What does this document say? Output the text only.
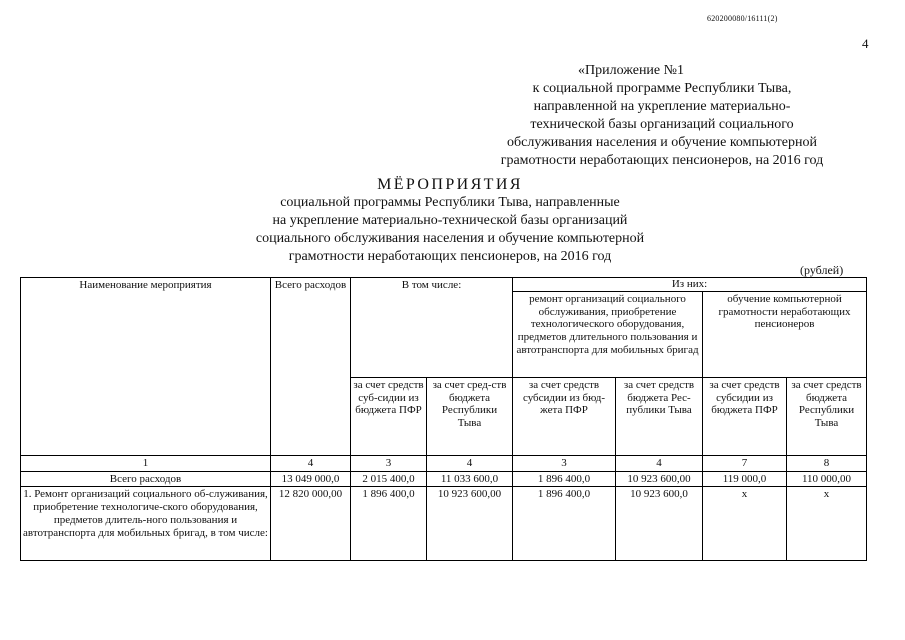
620200080/16111(2)
4
«Приложение №1
к социальной программе Республики Тыва,
направленной на укрепление материально-
технической базы организаций социального
обслуживания населения и обучение компьютерной
грамотности неработающих пенсионеров, на 2016 год
МЁРОПРИЯТИЯ
социальной программы Республики Тыва, направленные
на укрепление материально-технической базы организаций
социального обслуживания населения и обучение компьютерной
грамотности неработающих пенсионеров, на 2016 год
(рублей)
Наименование мероприятия	Всего расходов	В том числе:		Из них:			
				ремонт организаций социального обслуживания, приобретение технологического оборудования, предметов длительного пользования и автотранспорта для мобильных бригад		обучение компьютерной грамотности неработающих пенсионеров	
		за счет средств суб-сидии из бюджета ПФР	за счет сред-ств бюджета Республики Тыва	за счет средств субсидии из бюд-жета ПФР	за счет средств бюджета Рес-публики Тыва	за счет средств субсидии из бюджета ПФР	за счет средств бюджета Республики Тыва
1	4	3	4	3	4	7	8
Всего расходов	13 049 000,0	2 015 400,0	11 033 600,0	1 896 400,0	10 923 600,00	119 000,0	110 000,00
1. Ремонт организаций социального об-служивания, приобретение технологиче-ского оборудования, предметов длитель-ного пользования и автотранспорта для мобильных бригад, в том числе:	12 820 000,00	1 896 400,0	10 923 600,00	1 896 400,0	10 923 600,0	х	х
